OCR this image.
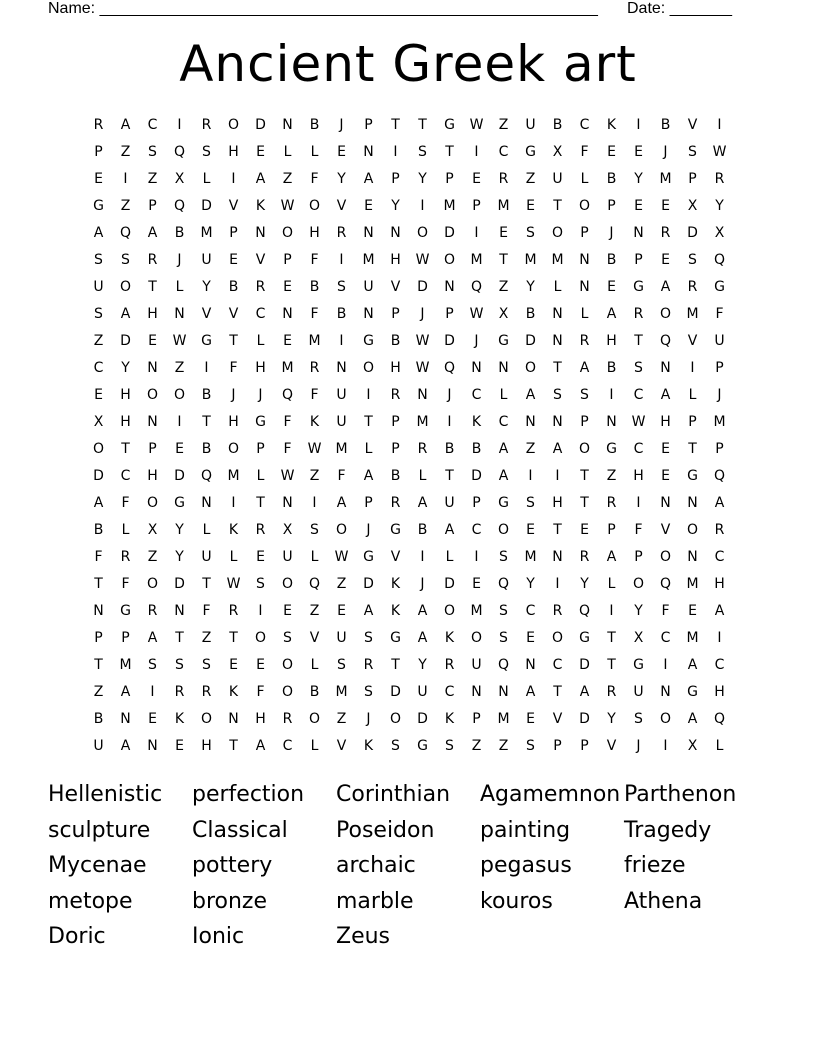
Name: ________________________________________________________ Date: _______
Ancient Greek art
R	A	C	I	R	O	D	N	B	J	P	T	T	G	W	Z	U	B	C	K	I	B	V	I
P	Z	S	Q	S	H	E	L	L	E	N	I	S	T	I	C	G	X	F	E	E	J	S	W
E	I	Z	X	L	I	A	Z	F	Y	A	P	Y	P	E	R	Z	U	L	B	Y	M	P	R
G	Z	P	Q	D	V	K	W	O	V	E	Y	I	M	P	M	E	T	O	P	E	E	X	Y
A	Q	A	B	M	P	N	O	H	R	N	N	O	D	I	E	S	O	P	J	N	R	D	X
S	S	R	J	U	E	V	P	F	I	M	H	W	O	M	T	M	M	N	B	P	E	S	Q
U	O	T	L	Y	B	R	E	B	S	U	V	D	N	Q	Z	Y	L	N	E	G	A	R	G
S	A	H	N	V	V	C	N	F	B	N	P	J	P	W	X	B	N	L	A	R	O	M	F
Z	D	E	W	G	T	L	E	M	I	G	B	W	D	J	G	D	N	R	H	T	Q	V	U
C	Y	N	Z	I	F	H	M	R	N	O	H	W	Q	N	N	O	T	A	B	S	N	I	P
E	H	O	O	B	J	J	Q	F	U	I	R	N	J	C	L	A	S	S	I	C	A	L	J
X	H	N	I	T	H	G	F	K	U	T	P	M	I	K	C	N	N	P	N	W	H	P	M
O	T	P	E	B	O	P	F	W	M	L	P	R	B	B	A	Z	A	O	G	C	E	T	P
D	C	H	D	Q	M	L	W	Z	F	A	B	L	T	D	A	I	I	T	Z	H	E	G	Q
A	F	O	G	N	I	T	N	I	A	P	R	A	U	P	G	S	H	T	R	I	N	N	A
B	L	X	Y	L	K	R	X	S	O	J	G	B	A	C	O	E	T	E	P	F	V	O	R
F	R	Z	Y	U	L	E	U	L	W	G	V	I	L	I	S	M	N	R	A	P	O	N	C
T	F	O	D	T	W	S	O	Q	Z	D	K	J	D	E	Q	Y	I	Y	L	O	Q	M	H
N	G	R	N	F	R	I	E	Z	E	A	K	A	O	M	S	C	R	Q	I	Y	F	E	A
P	P	A	T	Z	T	O	S	V	U	S	G	A	K	O	S	E	O	G	T	X	C	M	I
T	M	S	S	S	E	E	O	L	S	R	T	Y	R	U	Q	N	C	D	T	G	I	A	C
Z	A	I	R	R	K	F	O	B	M	S	D	U	C	N	N	A	T	A	R	U	N	G	H
B	N	E	K	O	N	H	R	O	Z	J	O	D	K	P	M	E	V	D	Y	S	O	A	Q
U	A	N	E	H	T	A	C	L	V	K	S	G	S	Z	Z	S	P	P	V	J	I	X	L
Hellenistic	perfection	Corinthian	Agamemnon Parthenon
sculpture	Classical	Poseidon	painting	Tragedy
Mycenae	pottery	archaic	pegasus	frieze
metope	bronze	marble	kouros	Athena
Doric	Ionic	Zeus
